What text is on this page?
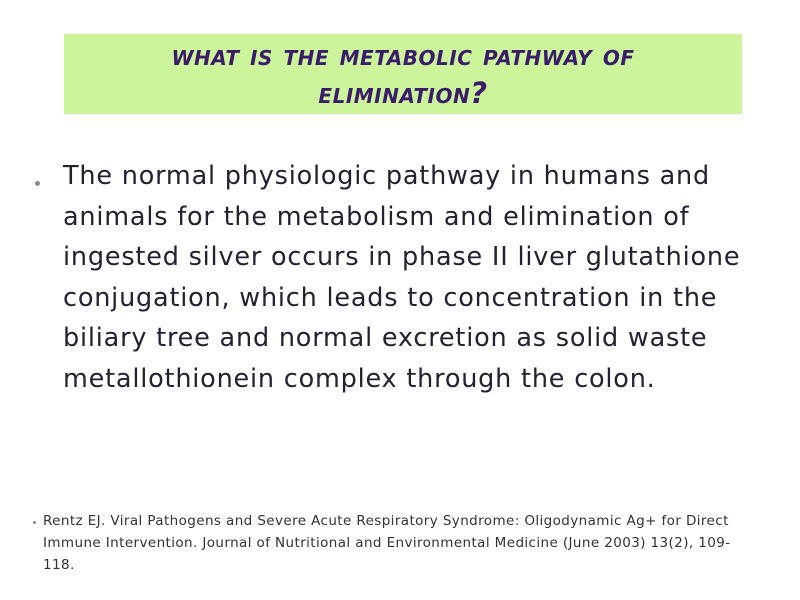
what is the metabolic pathway of elimination?
The normal physiologic pathway in humans and animals for the metabolism and elimination of ingested silver occurs in phase II liver glutathione conjugation, which leads to concentration in the biliary tree and normal excretion as solid waste metallothionein complex through the colon.
Rentz EJ. Viral Pathogens and Severe Acute Respiratory Syndrome: Oligodynamic Ag+ for Direct Immune Intervention. Journal of Nutritional and Environmental Medicine (June 2003) 13(2), 109-118.
